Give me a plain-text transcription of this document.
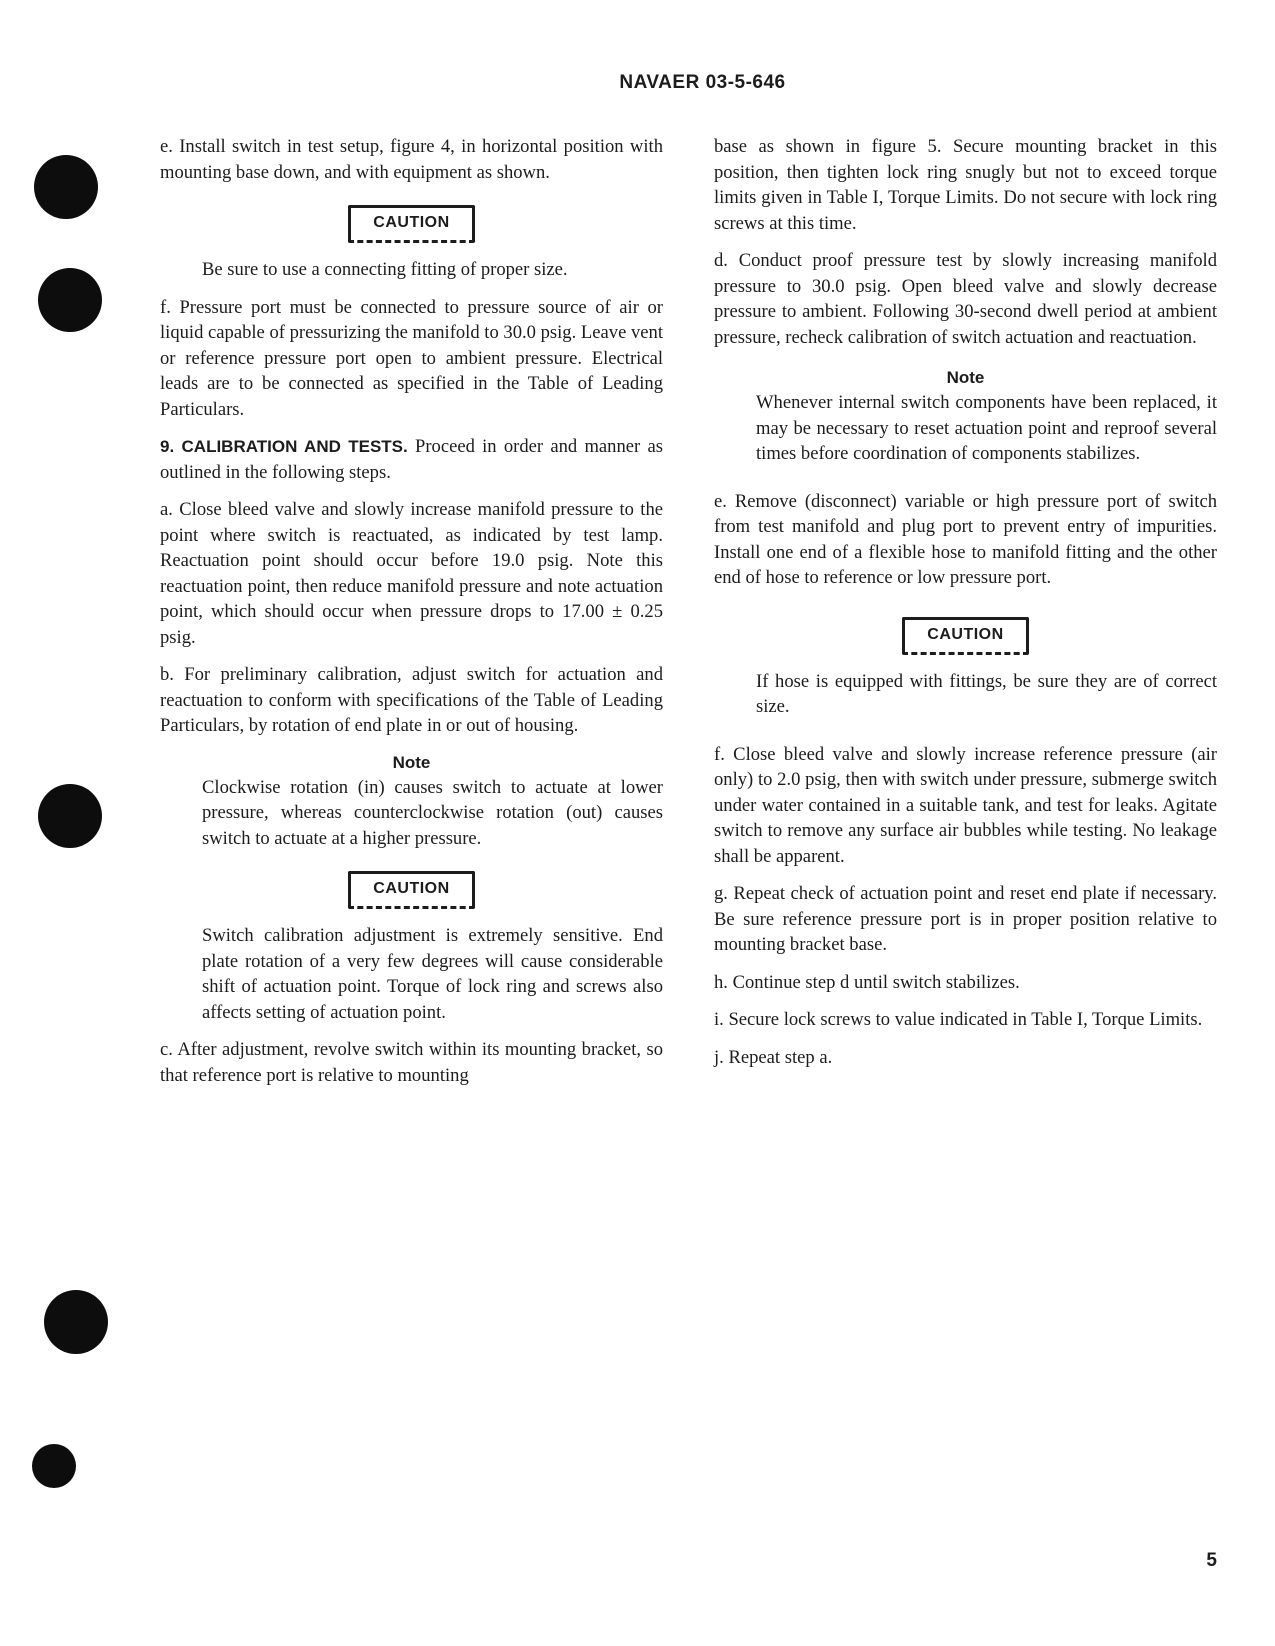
NAVAER 03-5-646

e. Install switch in test setup, figure 4, in horizontal position with mounting base down, and with equipment as shown.

CAUTION

Be sure to use a connecting fitting of proper size.

f. Pressure port must be connected to pressure source of air or liquid capable of pressurizing the manifold to 30.0 psig. Leave vent or reference pressure port open to ambient pressure. Electrical leads are to be connected as specified in the Table of Leading Particulars.

9. CALIBRATION AND TESTS. Proceed in order and manner as outlined in the following steps.

a. Close bleed valve and slowly increase manifold pressure to the point where switch is reactuated, as indicated by test lamp. Reactuation point should occur before 19.0 psig. Note this reactuation point, then reduce manifold pressure and note actuation point, which should occur when pressure drops to 17.00 ± 0.25 psig.

b. For preliminary calibration, adjust switch for actuation and reactuation to conform with specifications of the Table of Leading Particulars, by rotation of end plate in or out of housing.

Note

Clockwise rotation (in) causes switch to actuate at lower pressure, whereas counterclockwise rotation (out) causes switch to actuate at a higher pressure.

CAUTION

Switch calibration adjustment is extremely sensitive. End plate rotation of a very few degrees will cause considerable shift of actuation point. Torque of lock ring and screws also affects setting of actuation point.

c. After adjustment, revolve switch within its mounting bracket, so that reference port is relative to mounting

base as shown in figure 5. Secure mounting bracket in this position, then tighten lock ring snugly but not to exceed torque limits given in Table I, Torque Limits. Do not secure with lock ring screws at this time.

d. Conduct proof pressure test by slowly increasing manifold pressure to 30.0 psig. Open bleed valve and slowly decrease pressure to ambient. Following 30-second dwell period at ambient pressure, recheck calibration of switch actuation and reactuation.

Note

Whenever internal switch components have been replaced, it may be necessary to reset actuation point and reproof several times before coordination of components stabilizes.

e. Remove (disconnect) variable or high pressure port of switch from test manifold and plug port to prevent entry of impurities. Install one end of a flexible hose to manifold fitting and the other end of hose to reference or low pressure port.

CAUTION

If hose is equipped with fittings, be sure they are of correct size.

f. Close bleed valve and slowly increase reference pressure (air only) to 2.0 psig, then with switch under pressure, submerge switch under water contained in a suitable tank, and test for leaks. Agitate switch to remove any surface air bubbles while testing. No leakage shall be apparent.

g. Repeat check of actuation point and reset end plate if necessary. Be sure reference pressure port is in proper position relative to mounting bracket base.

h. Continue step d until switch stabilizes.

i. Secure lock screws to value indicated in Table I, Torque Limits.

j. Repeat step a.

5
